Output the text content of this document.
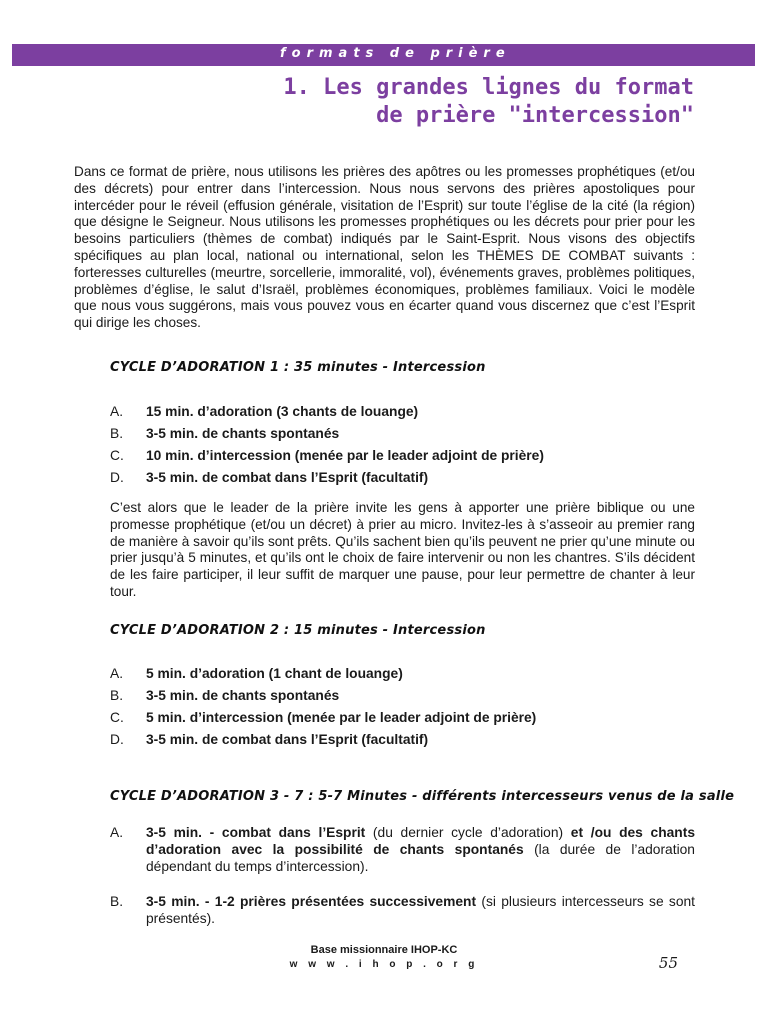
formats de prière
1. Les grandes lignes du format
de prière "intercession"

Dans ce format de prière, nous utilisons les prières des apôtres ou les promesses prophétiques (et/ou des décrets) pour entrer dans l’intercession. Nous nous servons des prières apostoliques pour intercéder pour le réveil (effusion générale, visitation de l’Esprit) sur toute l’église de la cité (la région) que désigne le Seigneur. Nous utilisons les promesses prophétiques ou les décrets pour prier pour les besoins particuliers (thèmes de combat) indiqués par le Saint-Esprit. Nous visons des objectifs spécifiques au plan local, national ou international, selon les THÈMES DE COMBAT suivants : forteresses culturelles (meurtre, sorcellerie, immoralité, vol), événements graves, problèmes politiques, problèmes d’église, le salut d’Israël, problèmes économiques, problèmes familiaux. Voici le modèle que nous vous suggérons, mais vous pouvez vous en écarter quand vous discernez que c’est l’Esprit qui dirige les choses.

CYCLE D’ADORATION 1 : 35 minutes - Intercession
A. 15 min. d’adoration (3 chants de louange)
B. 3-5 min. de chants spontanés
C. 10 min. d’intercession (menée par le leader adjoint de prière)
D. 3-5 min. de combat dans l’Esprit (facultatif)

C’est alors que le leader de la prière invite les gens à apporter une prière biblique ou une promesse prophétique (et/ou un décret) à prier au micro. Invitez-les à s’asseoir au premier rang de manière à savoir qu’ils sont prêts. Qu’ils sachent bien qu’ils peuvent ne prier qu’une minute ou prier jusqu’à 5 minutes, et qu’ils ont le choix de faire intervenir ou non les chantres. S’ils décident de les faire participer, il leur suffit de marquer une pause, pour leur permettre de chanter à leur tour.

CYCLE D’ADORATION 2 : 15 minutes - Intercession
A. 5 min. d’adoration (1 chant de louange)
B. 3-5 min. de chants spontanés
C. 5 min. d’intercession (menée par le leader adjoint de prière)
D. 3-5 min. de combat dans l’Esprit (facultatif)
CYCLE D’ADORATION 3 - 7 : 5-7 Minutes - différents intercesseurs venus de la salle
A. 3-5 min. - combat dans l’Esprit (du dernier cycle d’adoration) et /ou des chants d’adoration avec la possibilité de chants spontanés (la durée de l’adoration dépendant du temps d’intercession).
B. 3-5 min. - 1-2 prières présentées successivement (si plusieurs intercesseurs se sont présentés).
Base missionnaire IHOP-KC
w w w . i h o p . o r g	55
